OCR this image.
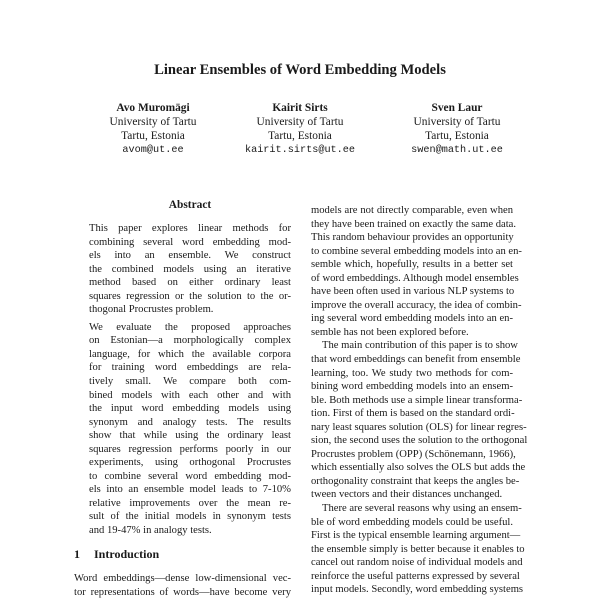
Linear Ensembles of Word Embedding Models
Avo Muromägi
University of Tartu
Tartu, Estonia
avom@ut.ee
Kairit Sirts
University of Tartu
Tartu, Estonia
kairit.sirts@ut.ee
Sven Laur
University of Tartu
Tartu, Estonia
swen@math.ut.ee
Abstract
This paper explores linear methods for
combining several word embedding mod-
els into an ensemble. We construct
the combined models using an iterative
method based on either ordinary least
squares regression or the solution to the or-
thogonal Procrustes problem.
We evaluate the proposed approaches
on Estonian—a morphologically complex
language, for which the available corpora
for training word embeddings are rela-
tively small. We compare both com-
bined models with each other and with
the input word embedding models using
synonym and analogy tests. The results
show that while using the ordinary least
squares regression performs poorly in our
experiments, using orthogonal Procrustes
to combine several word embedding mod-
els into an ensemble model leads to 7-10%
relative improvements over the mean re-
sult of the initial models in synonym tests
and 19-47% in analogy tests.
1 Introduction
Word embeddings—dense low-dimensional vec-
tor representations of words—have become very
models are not directly comparable, even when
they have been trained on exactly the same data.
This random behaviour provides an opportunity
to combine several embedding models into an en-
semble which, hopefully, results in a better set
of word embeddings. Although model ensembles
have been often used in various NLP systems to
improve the overall accuracy, the idea of combin-
ing several word embedding models into an en-
semble has not been explored before.
The main contribution of this paper is to show
that word embeddings can benefit from ensemble
learning, too. We study two methods for com-
bining word embedding models into an ensem-
ble. Both methods use a simple linear transforma-
tion. First of them is based on the standard ordi-
nary least squares solution (OLS) for linear regres-
sion, the second uses the solution to the orthogonal
Procrustes problem (OPP) (Schönemann, 1966),
which essentially also solves the OLS but adds the
orthogonality constraint that keeps the angles be-
tween vectors and their distances unchanged.
There are several reasons why using an ensem-
ble of word embedding models could be useful.
First is the typical ensemble learning argument—
the ensemble simply is better because it enables to
cancel out random noise of individual models and
reinforce the useful patterns expressed by several
input models. Secondly, word embedding systems
